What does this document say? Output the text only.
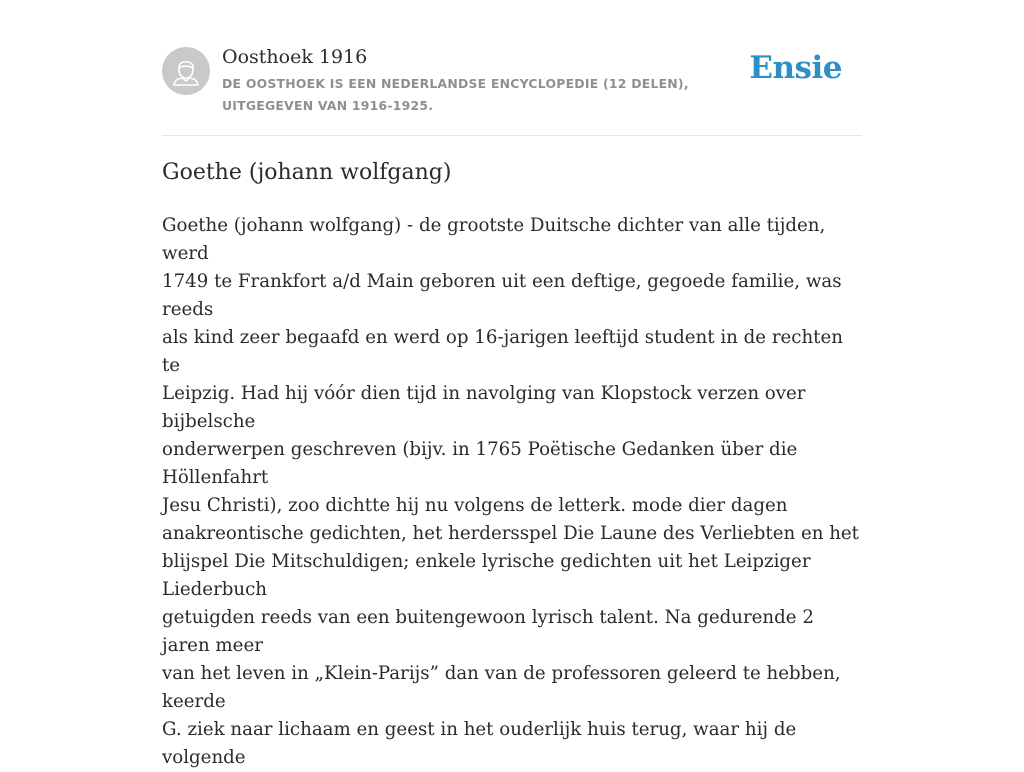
Oosthoek 1916
DE OOSTHOEK IS EEN NEDERLANDSE ENCYCLOPEDIE (12 DELEN), UITGEGEVEN VAN 1916-1925.
Ensie
Goethe (johann wolfgang)

Goethe (johann wolfgang) - de grootste Duitsche dichter van alle tijden, werd
1749 te Frankfort a/d Main geboren uit een deftige, gegoede familie, was reeds
als kind zeer begaafd en werd op 16-jarigen leeftijd student in de rechten te
Leipzig. Had hij vóór dien tijd in navolging van Klopstock verzen over bijbelsche
onderwerpen geschreven (bijv. in 1765 Poëtische Gedanken über die Höllenfahrt
Jesu Christi), zoo dichtte hij nu volgens de letterk. mode dier dagen
anakreontische gedichten, het herdersspel Die Laune des Verliebten en het
blijspel Die Mitschuldigen; enkele lyrische gedichten uit het Leipziger Liederbuch
getuigden reeds van een buitengewoon lyrisch talent. Na gedurende 2 jaren meer
van het leven in „Klein-Parijs” dan van de professoren geleerd te hebben, keerde
G. ziek naar lichaam en geest in het ouderlijk huis terug, waar hij de volgende
